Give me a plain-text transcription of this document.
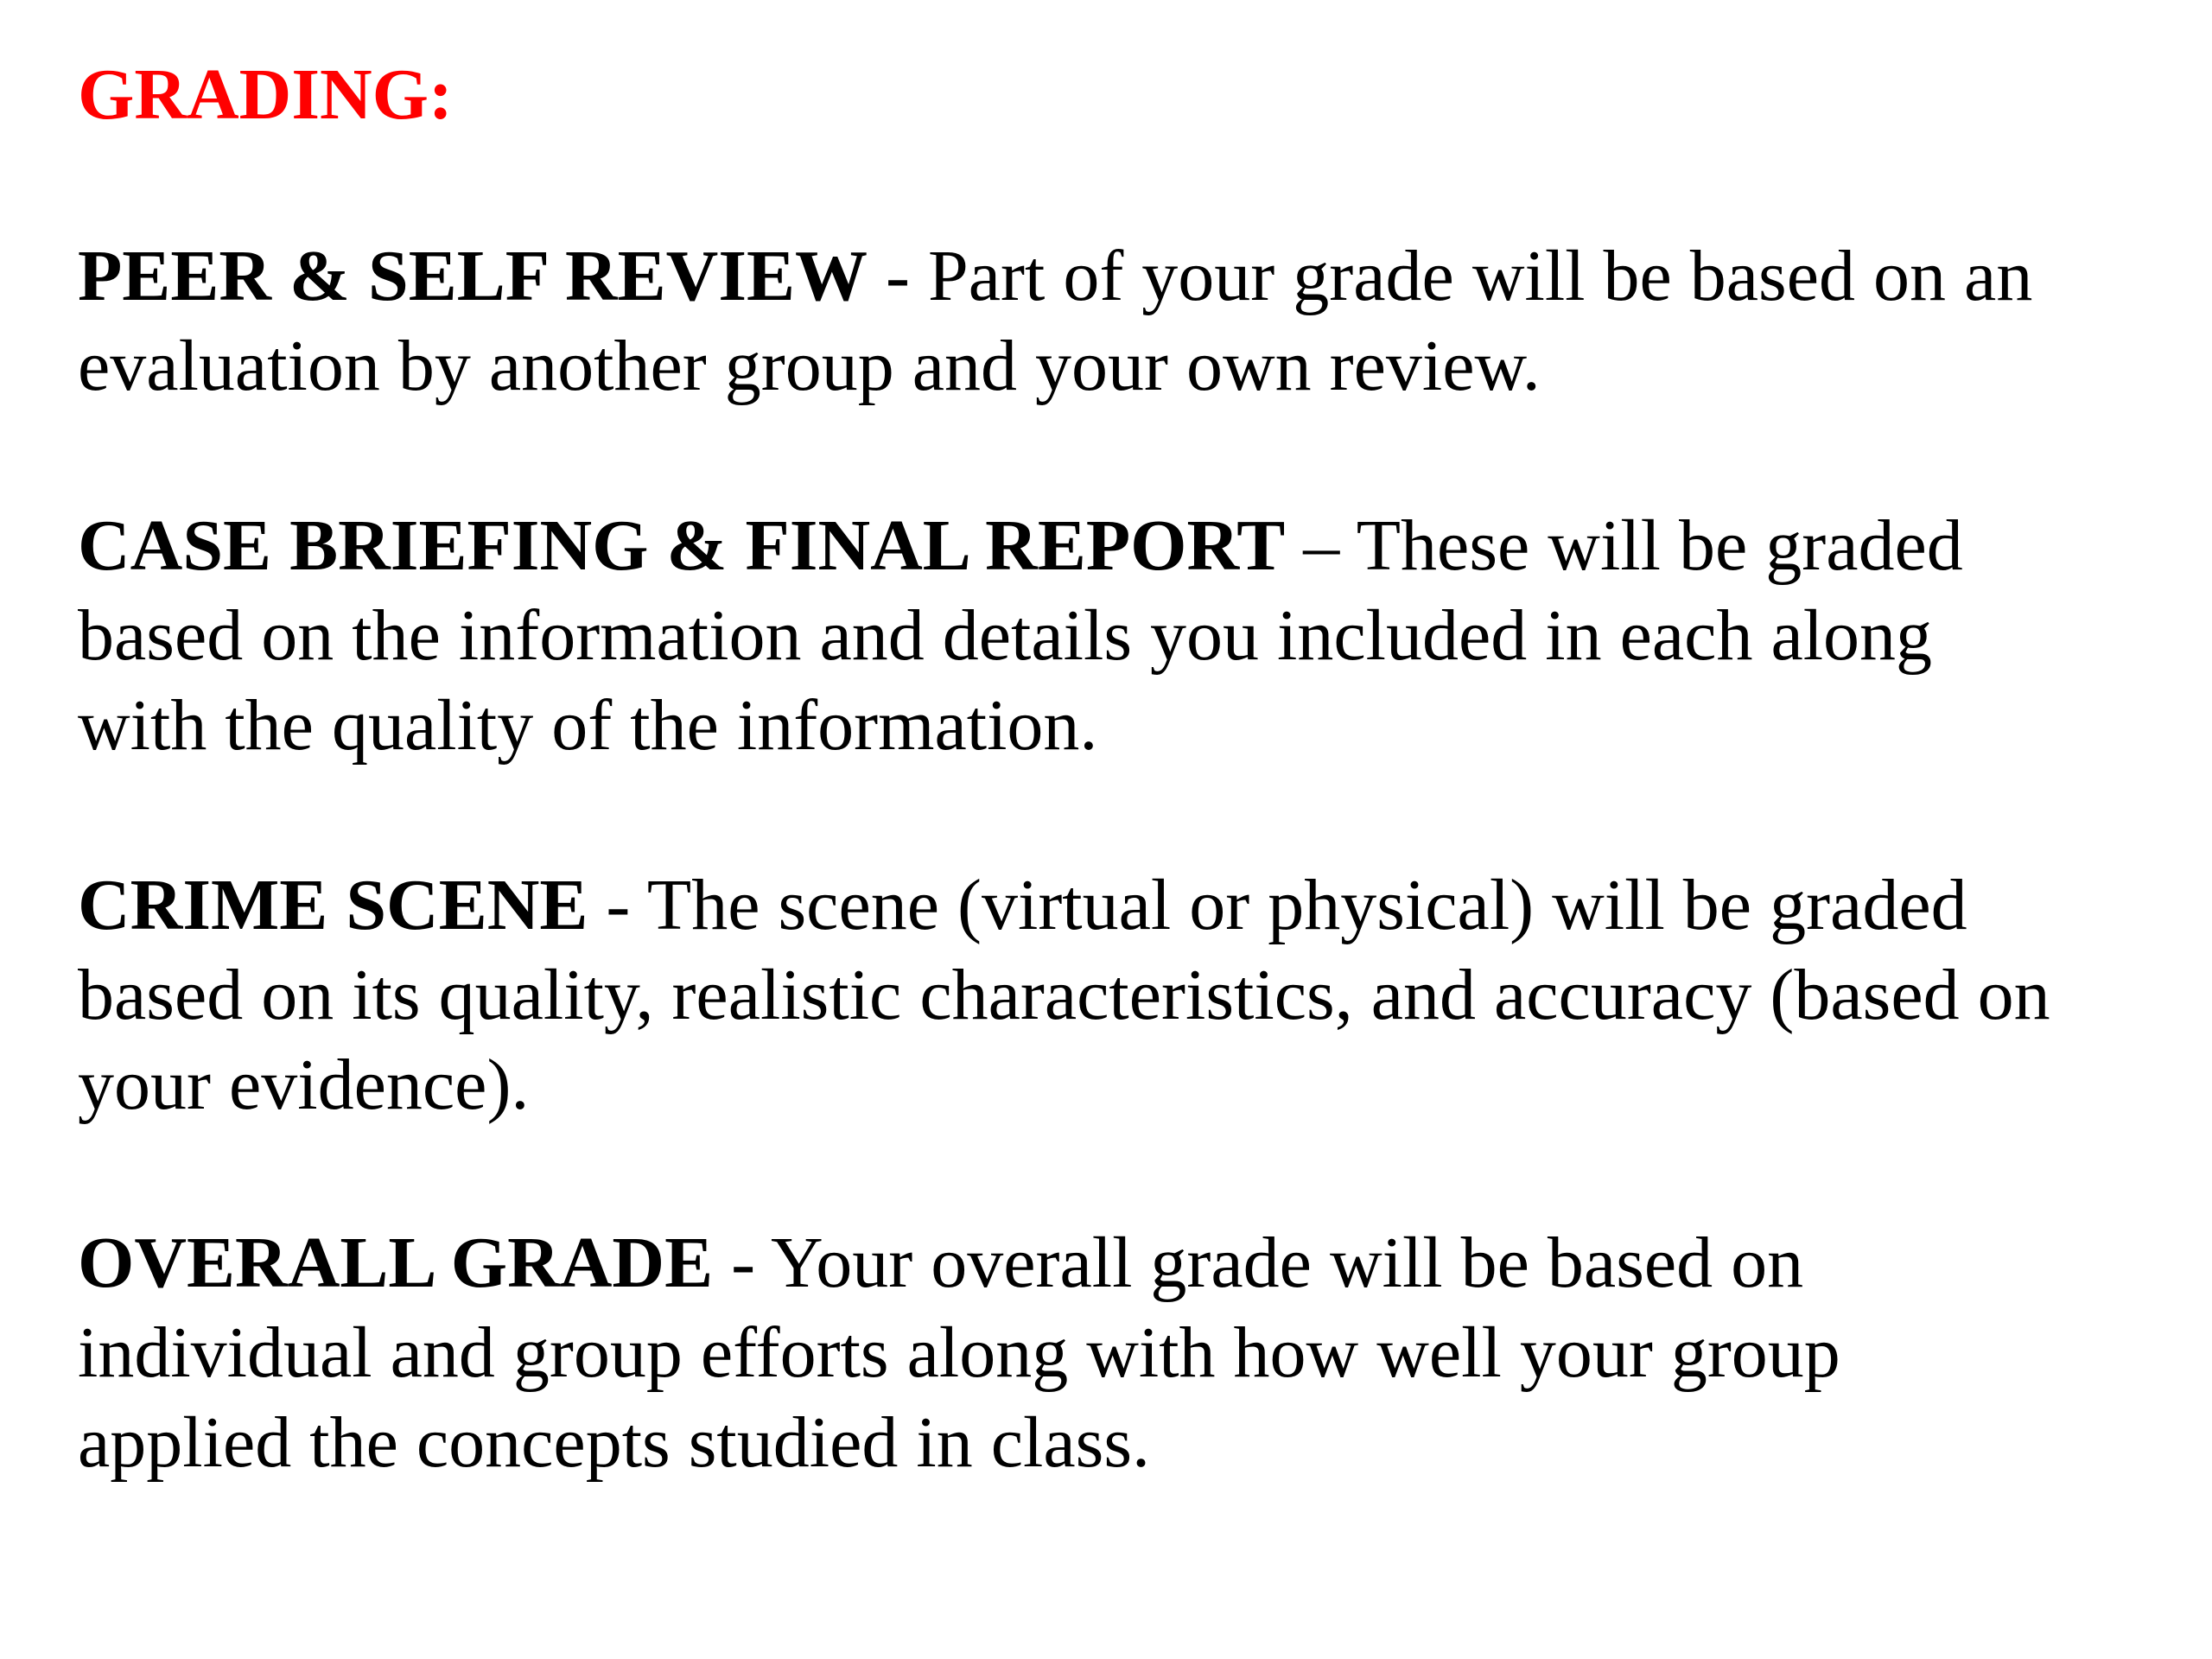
GRADING:
PEER & SELF REVIEW - Part of your grade will be based on an
evaluation by another group and your own review.
CASE BRIEFING & FINAL REPORT – These will be graded
based on the information and details you included in each along
with the quality of the information.
CRIME SCENE - The scene (virtual or physical) will be graded
based on its quality, realistic characteristics, and accuracy (based on
your evidence).
OVERALL GRADE - Your overall grade will be based on
individual and group efforts along with how well your group
applied the concepts studied in class.
